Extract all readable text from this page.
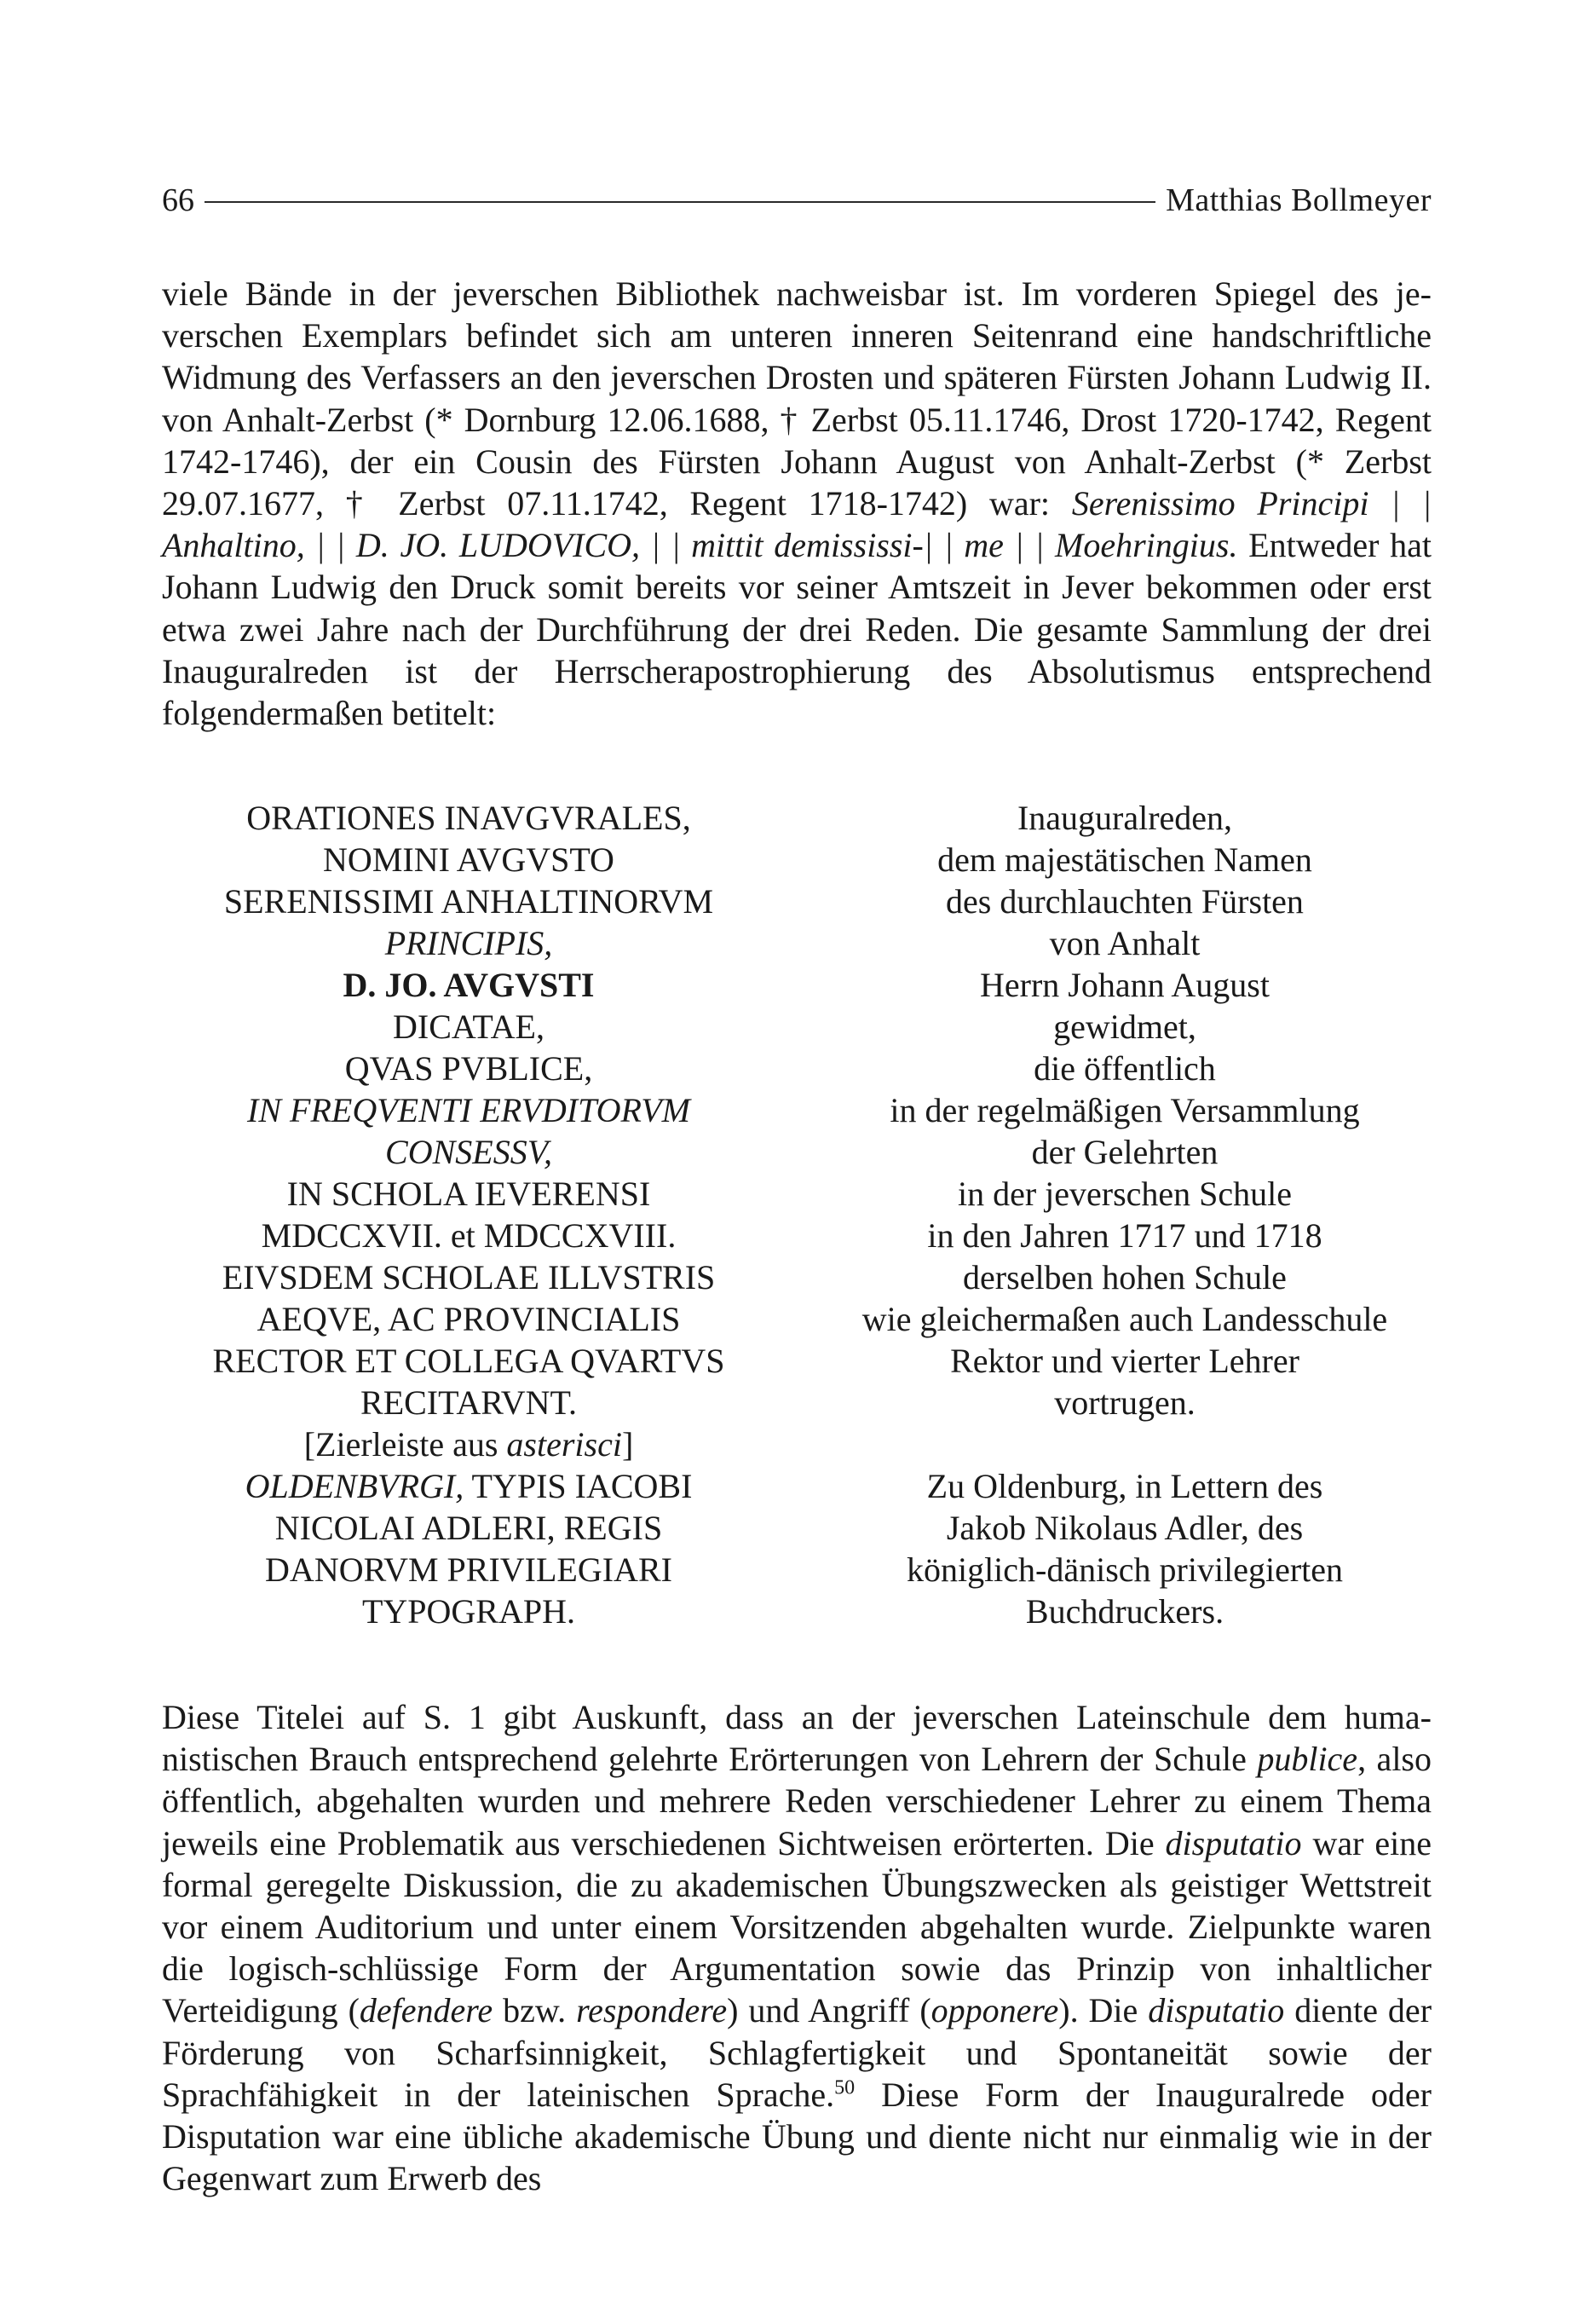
66	Matthias Bollmeyer

viele Bände in der jeverschen Bibliothek nachweisbar ist. Im vorderen Spiegel des jeverschen Exemplars befindet sich am unteren inneren Seitenrand eine handschriftliche Widmung des Verfassers an den jeverschen Drosten und späteren Fürsten Johann Ludwig II. von Anhalt-Zerbst (* Dornburg 12.06.1688, † Zerbst 05.11.1746, Drost 1720-1742, Regent 1742-1746), der ein Cousin des Fürsten Johann August von Anhalt-Zerbst (* Zerbst 29.07.1677, † Zerbst 07.11.1742, Regent 1718-1742) war: Serenissimo Principi | | Anhaltino, | | D. JO. LUDOVICO, | | mittit demississi-| | me | | Moehringius. Entweder hat Johann Ludwig den Druck somit bereits vor seiner Amtszeit in Jever bekommen oder erst etwa zwei Jahre nach der Durchführung der drei Reden. Die gesamte Sammlung der drei Inauguralreden ist der Herrscherapostrophierung des Absolutismus entsprechend folgendermaßen betitelt:

ORATIONES INAVGVRALES,
NOMINI AVGVSTO
SERENISSIMI ANHALTINORVM
PRINCIPIS,
D. JO. AVGVSTI
DICATAE,
QVAS PVBLICE,
IN FREQVENTI ERVDITORVM
CONSESSV,
IN SCHOLA IEVERENSI
MDCCXVII. et MDCCXVIII.
EIVSDEM SCHOLAE ILLVSTRIS
AEQVE, AC PROVINCIALIS
RECTOR ET COLLEGA QVARTVS
RECITARVNT.
[Zierleiste aus asterisci]
OLDENBVRGI, TYPIS IACOBI
NICOLAI ADLERI, REGIS
DANORVM PRIVILEGIARI
TYPOGRAPH.
Inauguralreden,
dem majestätischen Namen
des durchlauchten Fürsten
von Anhalt
Herrn Johann August
gewidmet,
die öffentlich
in der regelmäßigen Versammlung
der Gelehrten
in der jeverschen Schule
in den Jahren 1717 und 1718
derselben hohen Schule
wie gleichermaßen auch Landesschule
Rektor und vierter Lehrer
vortrugen.
Zu Oldenburg, in Lettern des
Jakob Nikolaus Adler, des
königlich-dänisch privilegierten
Buchdruckers.

Diese Titelei auf S. 1 gibt Auskunft, dass an der jeverschen Lateinschule dem humanistischen Brauch entsprechend gelehrte Erörterungen von Lehrern der Schule publice, also öffentlich, abgehalten wurden und mehrere Reden verschiedener Lehrer zu einem Thema jeweils eine Problematik aus verschiedenen Sichtweisen erörterten. Die disputatio war eine formal geregelte Diskussion, die zu akademischen Übungszwecken als geistiger Wettstreit vor einem Auditorium und unter einem Vorsitzenden abgehalten wurde. Zielpunkte waren die logisch-schlüssige Form der Argumentation sowie das Prinzip von inhaltlicher Verteidigung (defendere bzw. respondere) und Angriff (opponere). Die disputatio diente der Förderung von Scharfsinnigkeit, Schlagfertigkeit und Spontaneität sowie der Sprachfähigkeit in der lateinischen Sprache.$^{50}$ Diese Form der Inauguralrede oder Disputation war eine übliche akademische Übung und diente nicht nur einmalig wie in der Gegenwart zum Erwerb des
